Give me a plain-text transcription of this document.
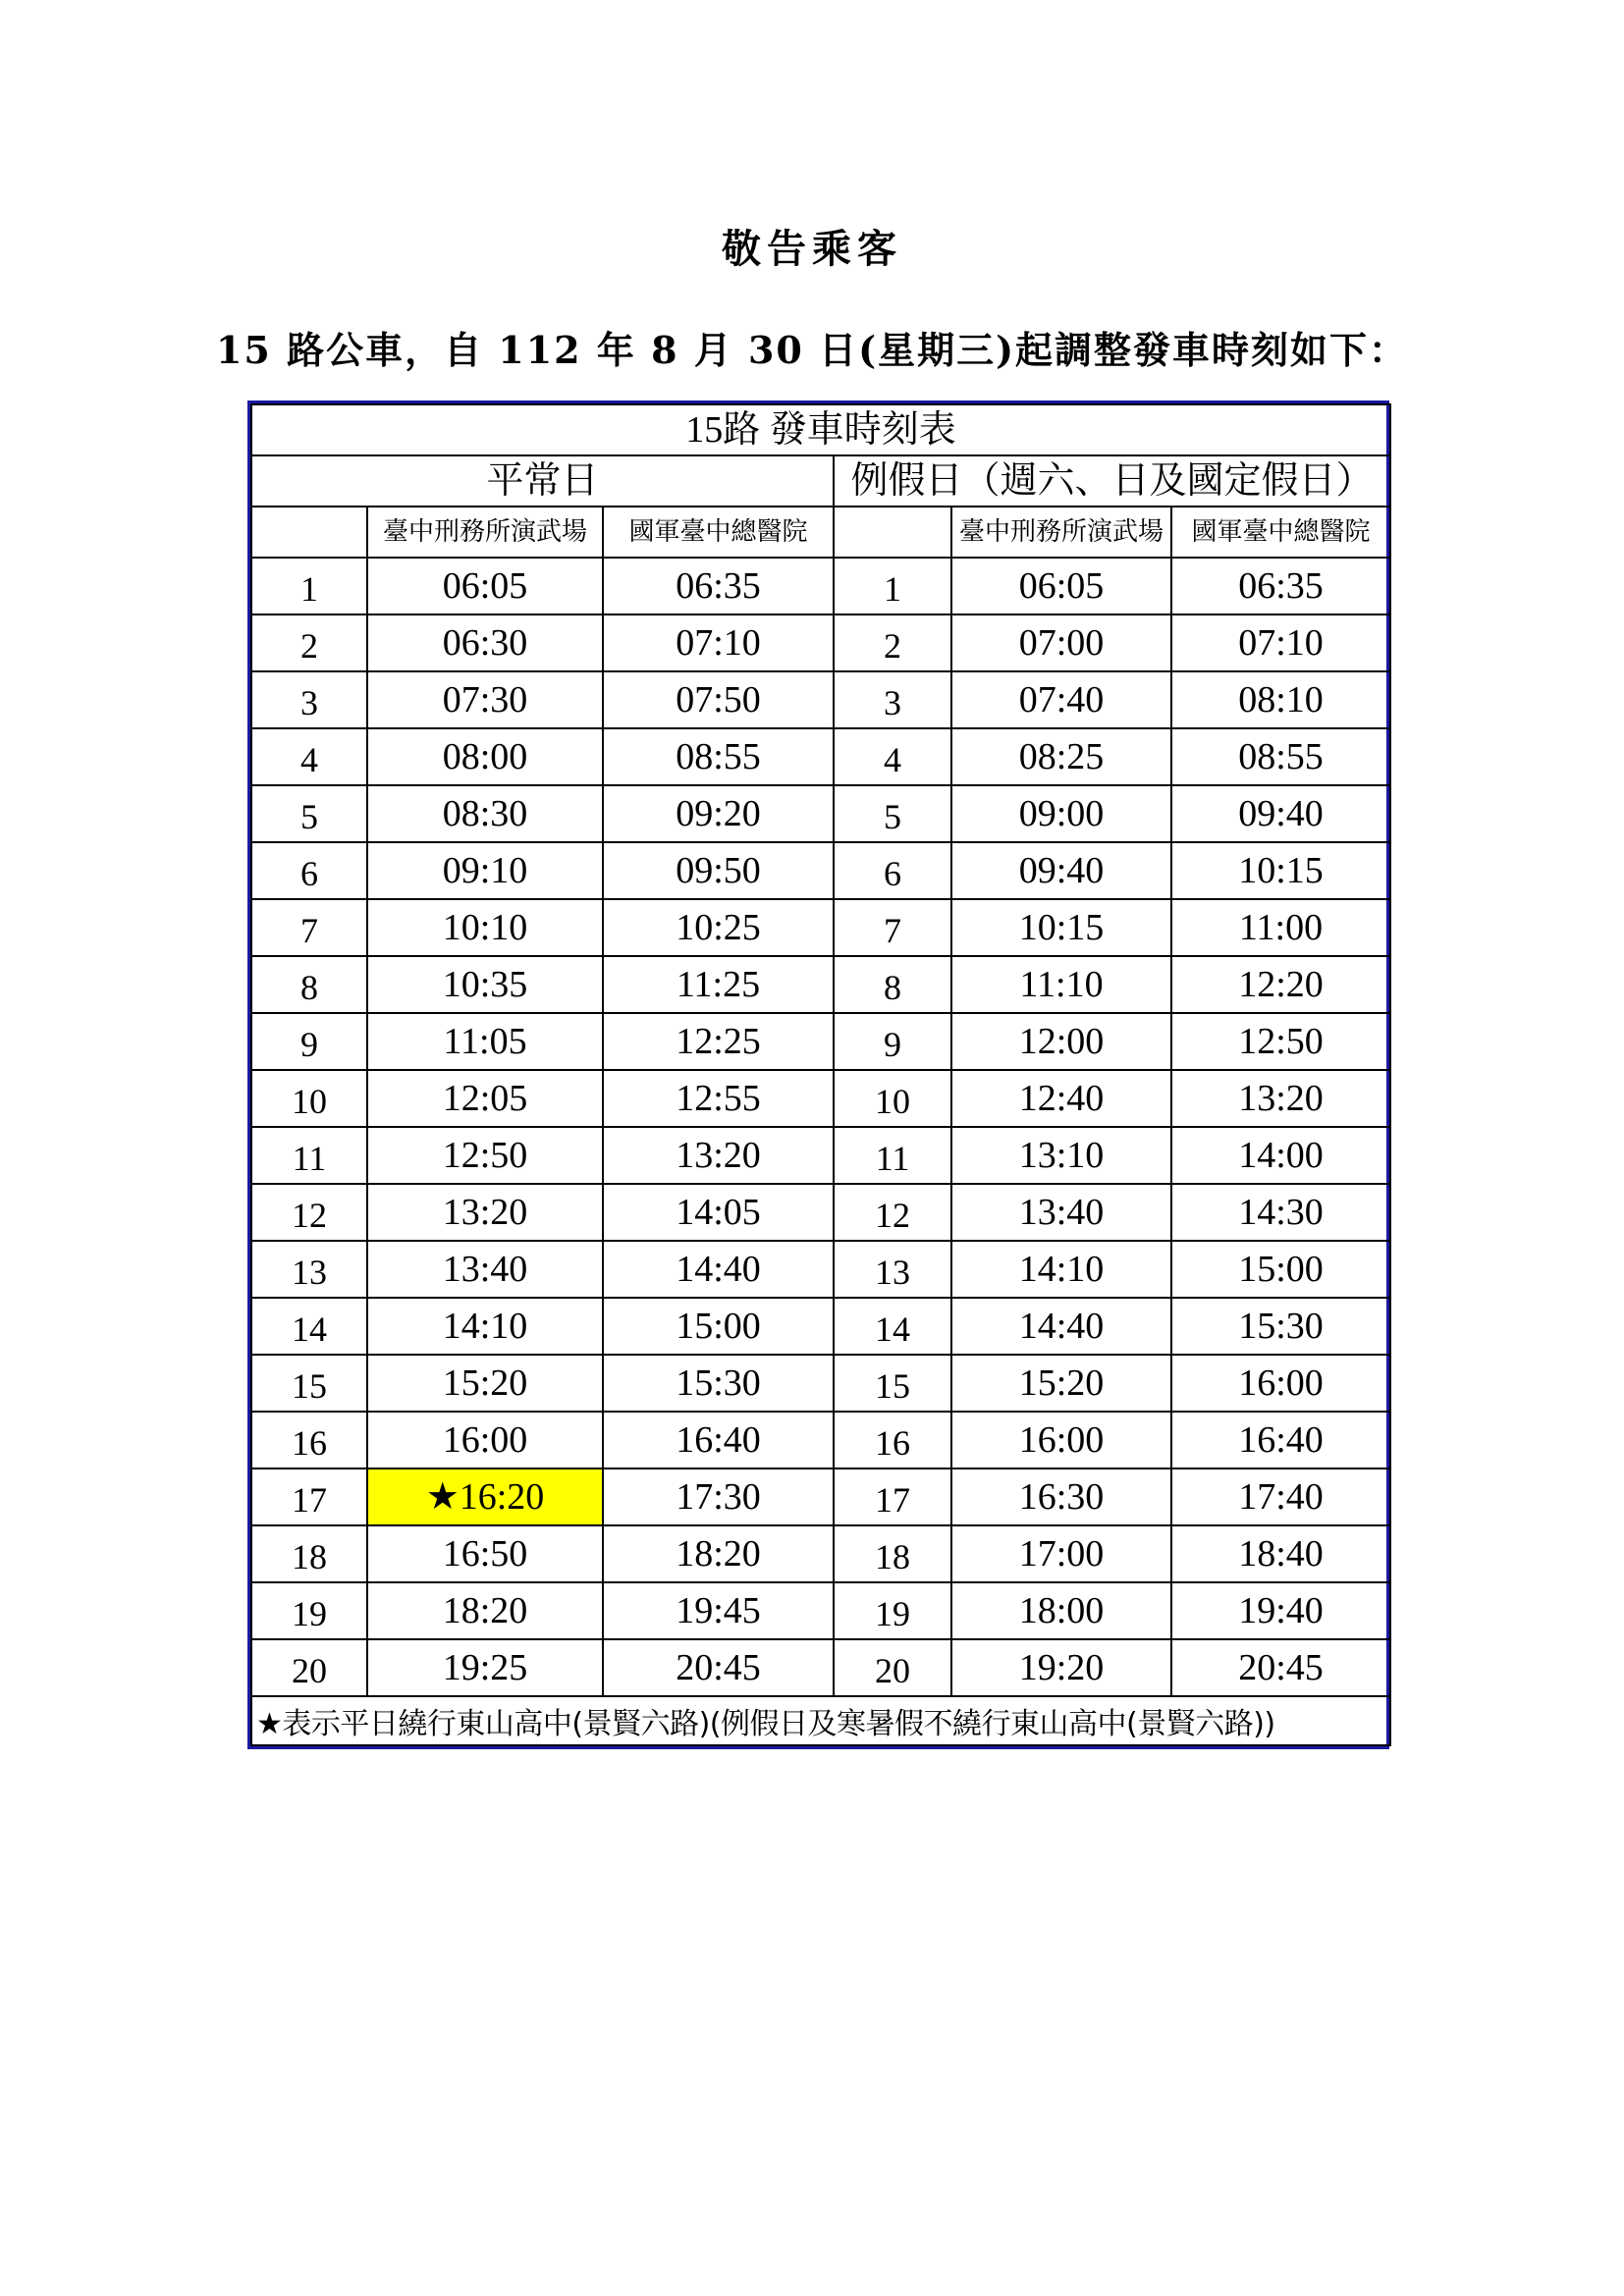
敬告乘客
15 路公車，自 112 年 8 月 30 日(星期三)起調整發車時刻如下：
15路 發車時刻表					
平常日			例假日（週六、日及國定假日）		
	臺中刑務所演武場	國軍臺中總醫院		臺中刑務所演武場	國軍臺中總醫院
1	06:05	06:35	1	06:05	06:35
2	06:30	07:10	2	07:00	07:10
3	07:30	07:50	3	07:40	08:10
4	08:00	08:55	4	08:25	08:55
5	08:30	09:20	5	09:00	09:40
6	09:10	09:50	6	09:40	10:15
7	10:10	10:25	7	10:15	11:00
8	10:35	11:25	8	11:10	12:20
9	11:05	12:25	9	12:00	12:50
10	12:05	12:55	10	12:40	13:20
11	12:50	13:20	11	13:10	14:00
12	13:20	14:05	12	13:40	14:30
13	13:40	14:40	13	14:10	15:00
14	14:10	15:00	14	14:40	15:30
15	15:20	15:30	15	15:20	16:00
16	16:00	16:40	16	16:00	16:40
17	★16:20	17:30	17	16:30	17:40
18	16:50	18:20	18	17:00	18:40
19	18:20	19:45	19	18:00	19:40
20	19:25	20:45	20	19:20	20:45
★表示平日繞行東山高中(景賢六路)(例假日及寒暑假不繞行東山高中(景賢六路))					
